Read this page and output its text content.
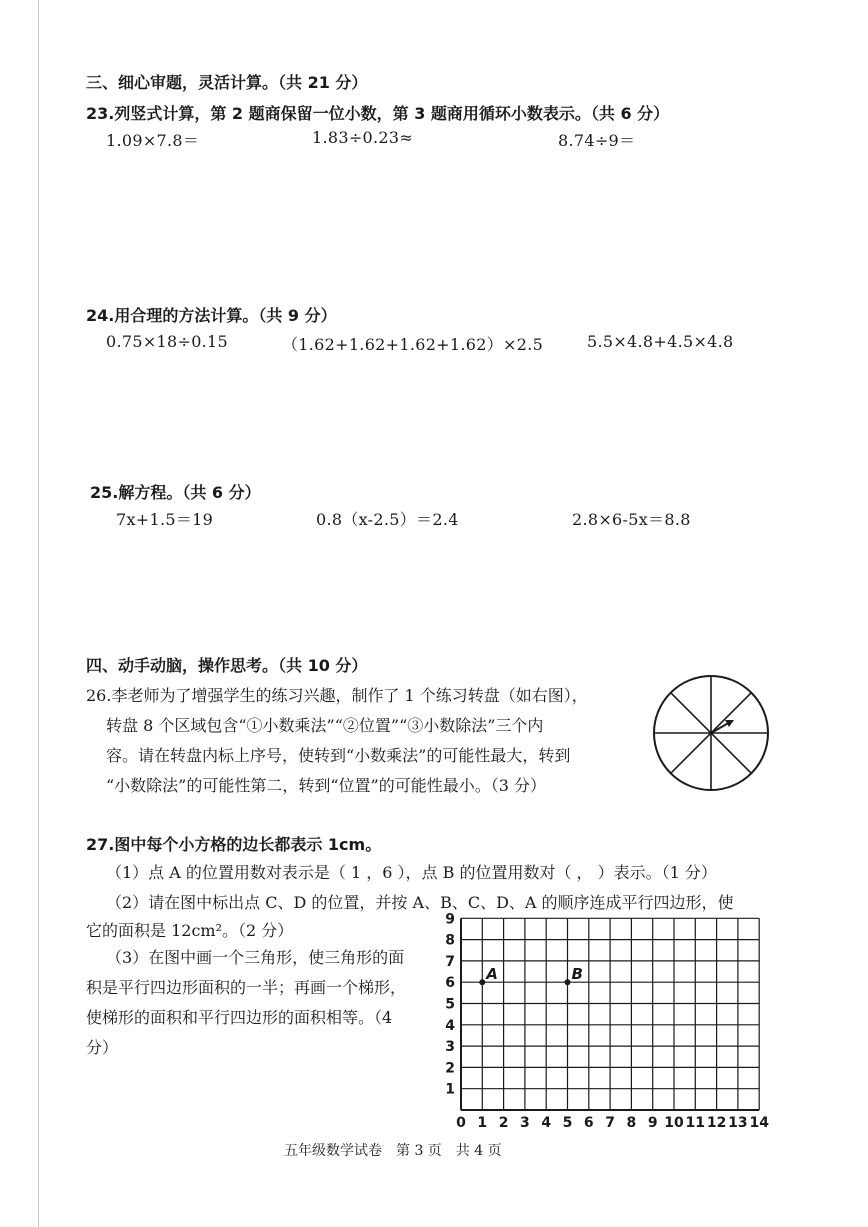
三、细心审题，灵活计算。（共 21 分）
23.列竖式计算，第 2 题商保留一位小数，第 3 题商用循环小数表示。（共 6 分）
1.09×7.8＝	1.83÷0.23≈	8.74÷9＝
24.用合理的方法计算。（共 9 分）
0.75×18÷0.15	（1.62+1.62+1.62+1.62）×2.5	5.5×4.8+4.5×4.8
25.解方程。（共 6 分）
7x+1.5＝19	0.8（x-2.5）＝2.4	2.8×6-5x＝8.8
四、动手动脑，操作思考。（共 10 分）
26.李老师为了增强学生的练习兴趣，制作了 1 个练习转盘（如右图），
转盘 8 个区域包含“①小数乘法”“②位置”“③小数除法”三个内
容。请在转盘内标上序号，使转到“小数乘法”的可能性最大，转到
“小数除法”的可能性第二，转到“位置”的可能性最小。（3 分）
27.图中每个小方格的边长都表示 1cm。
（1）点 A 的位置用数对表示是（ 1 ，6 ），点 B 的位置用数对（ ， ）表示。（1 分）
（2）请在图中标出点 C、D 的位置，并按 A、B、C、D、A 的顺序连成平行四边形，使
它的面积是 12cm²。（2 分）
（3）在图中画一个三角形，使三角形的面
积是平行四边形面积的一半；再画一个梯形，
使梯形的面积和平行四边形的面积相等。（4
分）
0 1 2 3 4 5 6 7 8 9 10 11 12 13 14
1
2
3
4
5
6
7
8
9
A	B
五年级数学试卷　第 3 页　共 4 页
